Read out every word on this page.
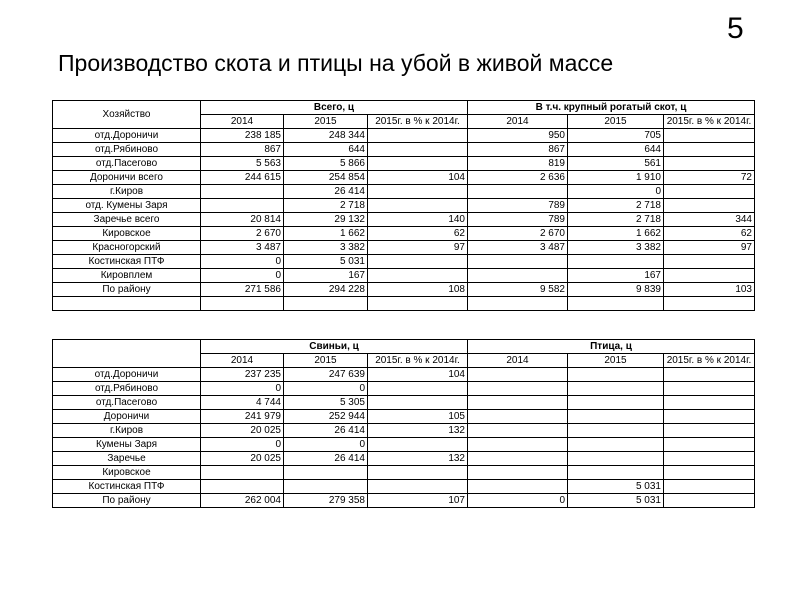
5
Производство скота и птицы на убой в живой массе
Хозяйство	Всего, ц			В т.ч. крупный рогатый скот, ц		
	2014	2015	2015г. в % к 2014г.	2014	2015	2015г. в % к 2014г.

отд.Дороничи	238 185	248 344		950	705	
отд.Рябиново	867	644		867	644	
отд.Пасегово	5 563	5 866		819	561	
Дороничи всего	244 615	254 854	104	2 636	1 910	72
г.Киров		26 414			0	
отд. Кумены Заря		2 718		789	2 718	
Заречье всего	20 814	29 132	140	789	2 718	344
Кировское	2 670	1 662	62	2 670	1 662	62
Красногорский	3 487	3 382	97	3 487	3 382	97
Костинская ПТФ	0	5 031				
Кировплем	0	167			167	
По району	271 586	294 228	108	9 582	9 839	103

	Свиньи, ц			Птица, ц		
	2014	2015	2015г. в % к 2014г.	2014	2015	2015г. в % к 2014г.

отд.Дороничи	237 235	247 639	104			
отд.Рябиново	0	0				
отд.Пасегово	4 744	5 305				
Дороничи	241 979	252 944	105			
г.Киров	20 025	26 414	132			
Кумены Заря	0	0				
Заречье	20 025	26 414	132			
Кировское						
Костинская ПТФ					5 031	
По району	262 004	279 358	107	0	5 031	
